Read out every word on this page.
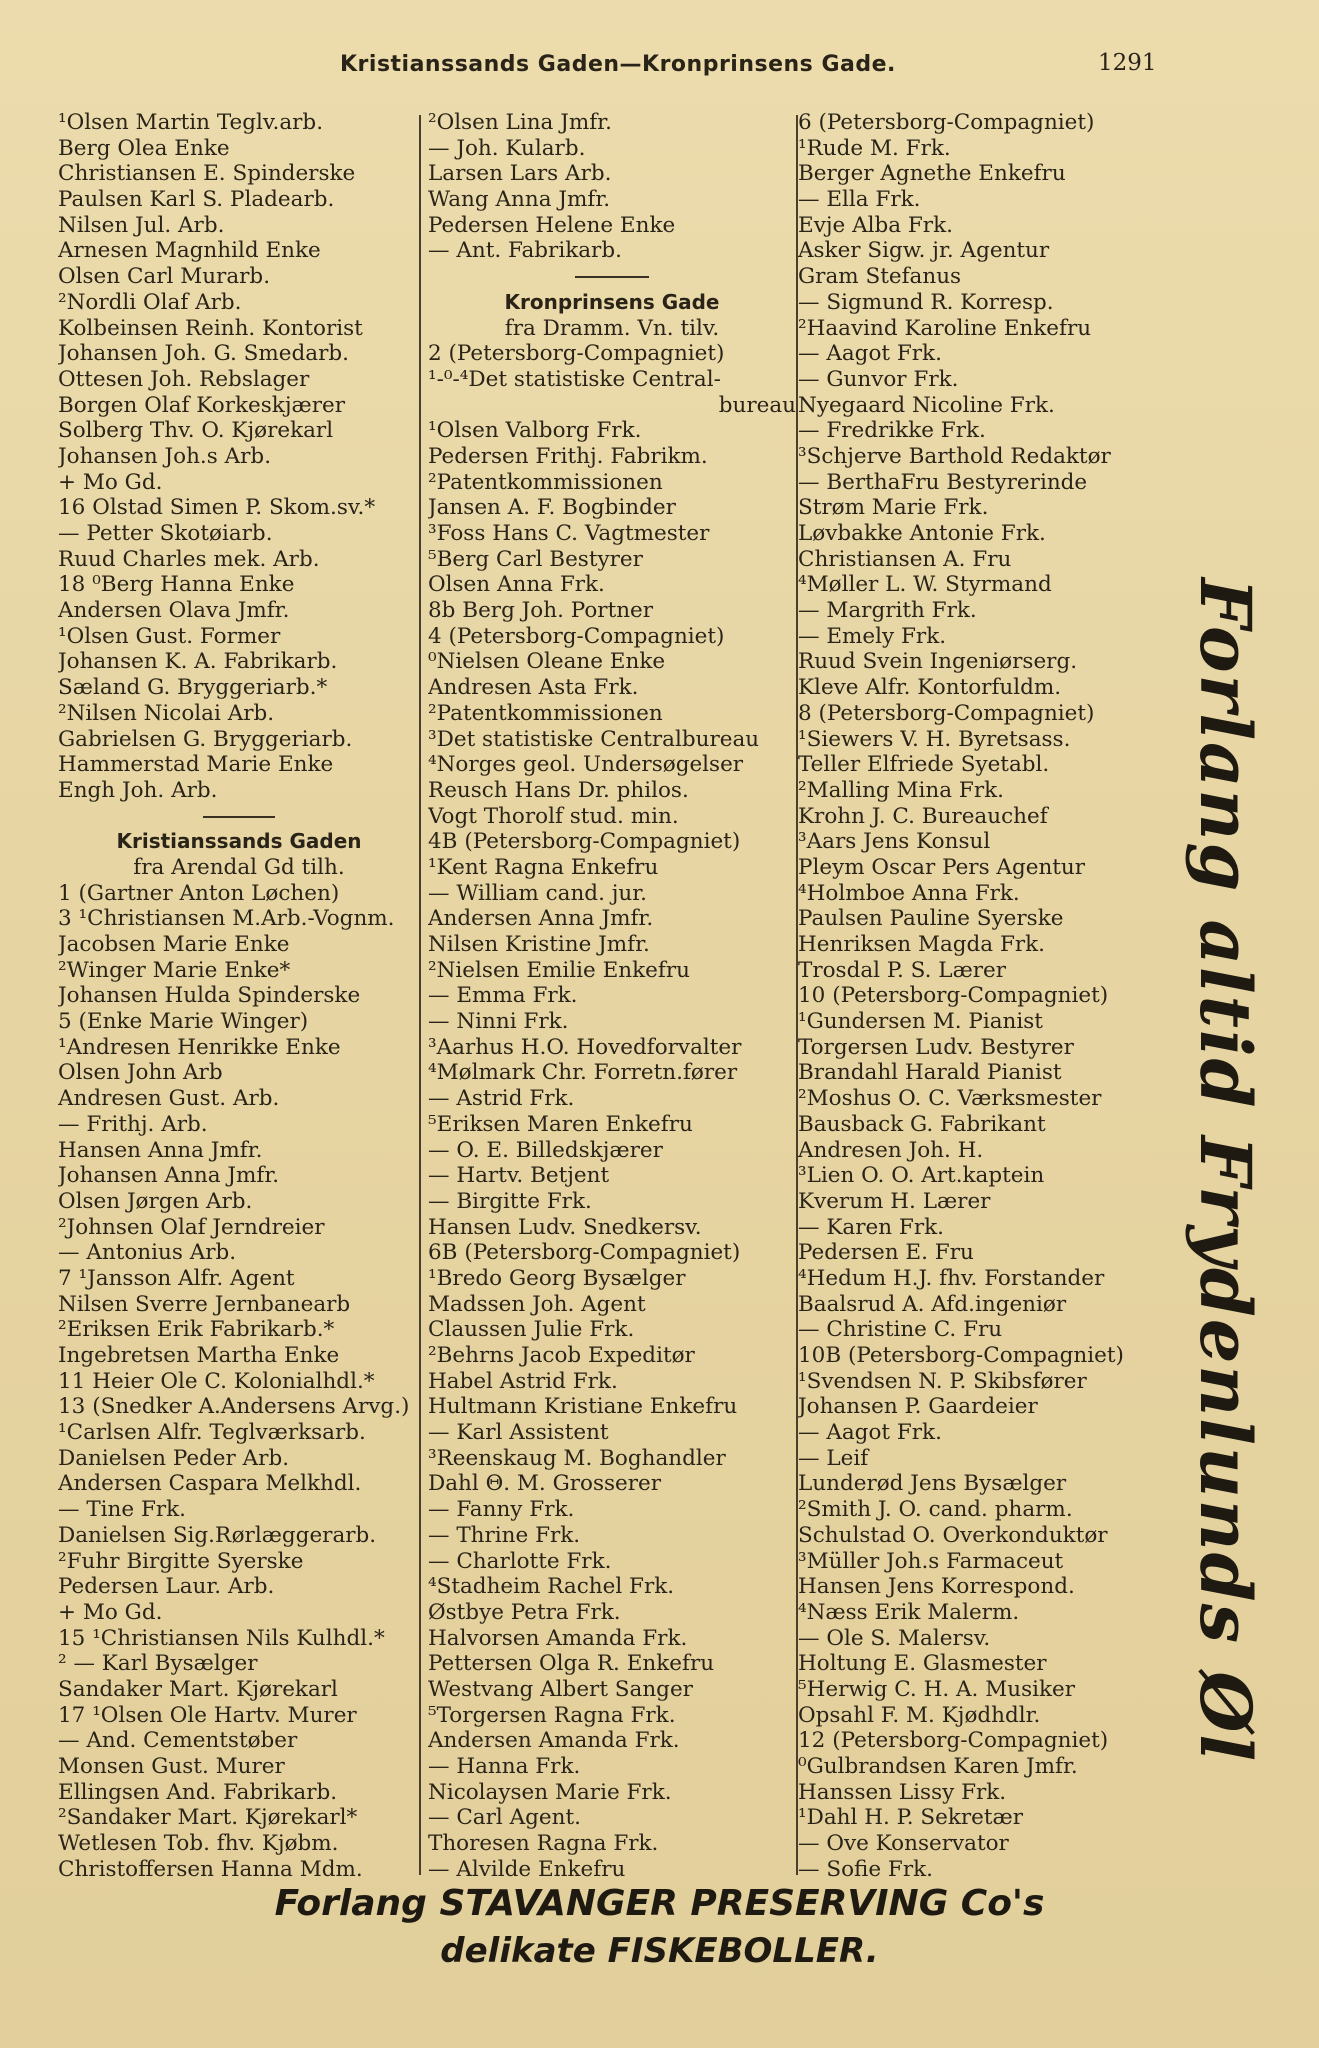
Kristianssands Gaden—Kronprinsens Gade.	1291
¹Olsen Martin Teglv.arb.
Berg Olea Enke
Christiansen E. Spinderske
Paulsen Karl S. Pladearb.
Nilsen Jul. Arb.
Arnesen Magnhild Enke
Olsen Carl Murarb.
²Nordli Olaf Arb.
Kolbeinsen Reinh. Kontorist
Johansen Joh. G. Smedarb.
Ottesen Joh. Rebslager
Borgen Olaf Korkeskjærer
Solberg Thv. O. Kjørekarl
Johansen Joh.s Arb.
+ Mo Gd.
16 Olstad Simen P. Skom.sv.*
— Petter Skotøiarb.
Ruud Charles mek. Arb.
18 ⁰Berg Hanna Enke
Andersen Olava Jmfr.
¹Olsen Gust. Former
Johansen K. A. Fabrikarb.
Sæland G. Bryggeriarb.*
²Nilsen Nicolai Arb.
Gabrielsen G. Bryggeriarb.
Hammerstad Marie Enke
Engh Joh. Arb.
Kristianssands Gaden
fra Arendal Gd tilh.
1 (Gartner Anton Løchen)
3 ¹Christiansen M.Arb.-Vognm.
Jacobsen Marie Enke
²Winger Marie Enke*
Johansen Hulda Spinderske
5 (Enke Marie Winger)
¹Andresen Henrikke Enke
Olsen John Arb
Andresen Gust. Arb.
— Frithj. Arb.
Hansen Anna Jmfr.
Johansen Anna Jmfr.
Olsen Jørgen Arb.
²Johnsen Olaf Jerndreier
— Antonius Arb.
7 ¹Jansson Alfr. Agent
Nilsen Sverre Jernbanearb
²Eriksen Erik Fabrikarb.*
Ingebretsen Martha Enke
11 Heier Ole C. Kolonialhdl.*
13 (Snedker A.Andersens Arvg.)
¹Carlsen Alfr. Teglværksarb.
Danielsen Peder Arb.
Andersen Caspara Melkhdl.
— Tine Frk.
Danielsen Sig.Rørlæggerarb.
²Fuhr Birgitte Syerske
Pedersen Laur. Arb.
+ Mo Gd.
15 ¹Christiansen Nils Kulhdl.*
² — Karl Bysælger
Sandaker Mart. Kjørekarl
17 ¹Olsen Ole Hartv. Murer
— And. Cementstøber
Monsen Gust. Murer
Ellingsen And. Fabrikarb.
²Sandaker Mart. Kjørekarl*
Wetlesen Tob. fhv. Kjøbm.
Christoffersen Hanna Mdm.
²Olsen Lina Jmfr.
— Joh. Kularb.
Larsen Lars Arb.
Wang Anna Jmfr.
Pedersen Helene Enke
— Ant. Fabrikarb.
Kronprinsens Gade
fra Dramm. Vn. tilv.
2 (Petersborg-Compagniet)
¹-⁰-⁴Det statistiske Central-
bureau
¹Olsen Valborg Frk.
Pedersen Frithj. Fabrikm.
²Patentkommissionen
Jansen A. F. Bogbinder
³Foss Hans C. Vagtmester
⁵Berg Carl Bestyrer
Olsen Anna Frk.
8b Berg Joh. Portner
4 (Petersborg-Compagniet)
⁰Nielsen Oleane Enke
Andresen Asta Frk.
²Patentkommissionen
³Det statistiske Centralbureau
⁴Norges geol. Undersøgelser
Reusch Hans Dr. philos.
Vogt Thorolf stud. min.
4B (Petersborg-Compagniet)
¹Kent Ragna Enkefru
— William cand. jur.
Andersen Anna Jmfr.
Nilsen Kristine Jmfr.
²Nielsen Emilie Enkefru
— Emma Frk.
— Ninni Frk.
³Aarhus H.O. Hovedforvalter
⁴Mølmark Chr. Forretn.fører
— Astrid Frk.
⁵Eriksen Maren Enkefru
— O. E. Billedskjærer
— Hartv. Betjent
— Birgitte Frk.
Hansen Ludv. Snedkersv.
6B (Petersborg-Compagniet)
¹Bredo Georg Bysælger
Madssen Joh. Agent
Claussen Julie Frk.
²Behrns Jacob Expeditør
Habel Astrid Frk.
Hultmann Kristiane Enkefru
— Karl Assistent
³Reenskaug M. Boghandler
Dahl Θ. M. Grosserer
— Fanny Frk.
— Thrine Frk.
— Charlotte Frk.
⁴Stadheim Rachel Frk.
Østbye Petra Frk.
Halvorsen Amanda Frk.
Pettersen Olga R. Enkefru
Westvang Albert Sanger
⁵Torgersen Ragna Frk.
Andersen Amanda Frk.
— Hanna Frk.
Nicolaysen Marie Frk.
— Carl Agent.
Thoresen Ragna Frk.
— Alvilde Enkefru
6 (Petersborg-Compagniet)
¹Rude M. Frk.
Berger Agnethe Enkefru
— Ella Frk.
Evje Alba Frk.
Asker Sigw. jr. Agentur
Gram Stefanus
— Sigmund R. Korresp.
²Haavind Karoline Enkefru
— Aagot Frk.
— Gunvor Frk.
Nyegaard Nicoline Frk.
— Fredrikke Frk.
³Schjerve Barthold Redaktør
— BerthaFru Bestyrerinde
Strøm Marie Frk.
Løvbakke Antonie Frk.
Christiansen A. Fru
⁴Møller L. W. Styrmand
— Margrith Frk.
— Emely Frk.
Ruud Svein Ingeniørserg.
Kleve Alfr. Kontorfuldm.
8 (Petersborg-Compagniet)
¹Siewers V. H. Byretsass.
Teller Elfriede Syetabl.
²Malling Mina Frk.
Krohn J. C. Bureauchef
³Aars Jens Konsul
Pleym Oscar Pers Agentur
⁴Holmboe Anna Frk.
Paulsen Pauline Syerske
Henriksen Magda Frk.
Trosdal P. S. Lærer
10 (Petersborg-Compagniet)
¹Gundersen M. Pianist
Torgersen Ludv. Bestyrer
Brandahl Harald Pianist
²Moshus O. C. Værksmester
Bausback G. Fabrikant
Andresen Joh. H.
³Lien O. O. Art.kaptein
Kverum H. Lærer
— Karen Frk.
Pedersen E. Fru
⁴Hedum H.J. fhv. Forstander
Baalsrud A. Afd.ingeniør
— Christine C. Fru
10B (Petersborg-Compagniet)
¹Svendsen N. P. Skibsfører
Johansen P. Gaardeier
— Aagot Frk.
— Leif
Lunderød Jens Bysælger
²Smith J. O. cand. pharm.
Schulstad O. Overkonduktør
³Müller Joh.s Farmaceut
Hansen Jens Korrespond.
⁴Næss Erik Malerm.
— Ole S. Malersv.
Holtung E. Glasmester
⁵Herwig C. H. A. Musiker
Opsahl F. M. Kjødhdlr.
12 (Petersborg-Compagniet)
⁰Gulbrandsen Karen Jmfr.
Hanssen Lissy Frk.
¹Dahl H. P. Sekretær
— Ove Konservator
— Sofie Frk.
Forlang altid Frydenlunds Øl
Forlang STAVANGER PRESERVING Co's
delikate FISKEBOLLER.
